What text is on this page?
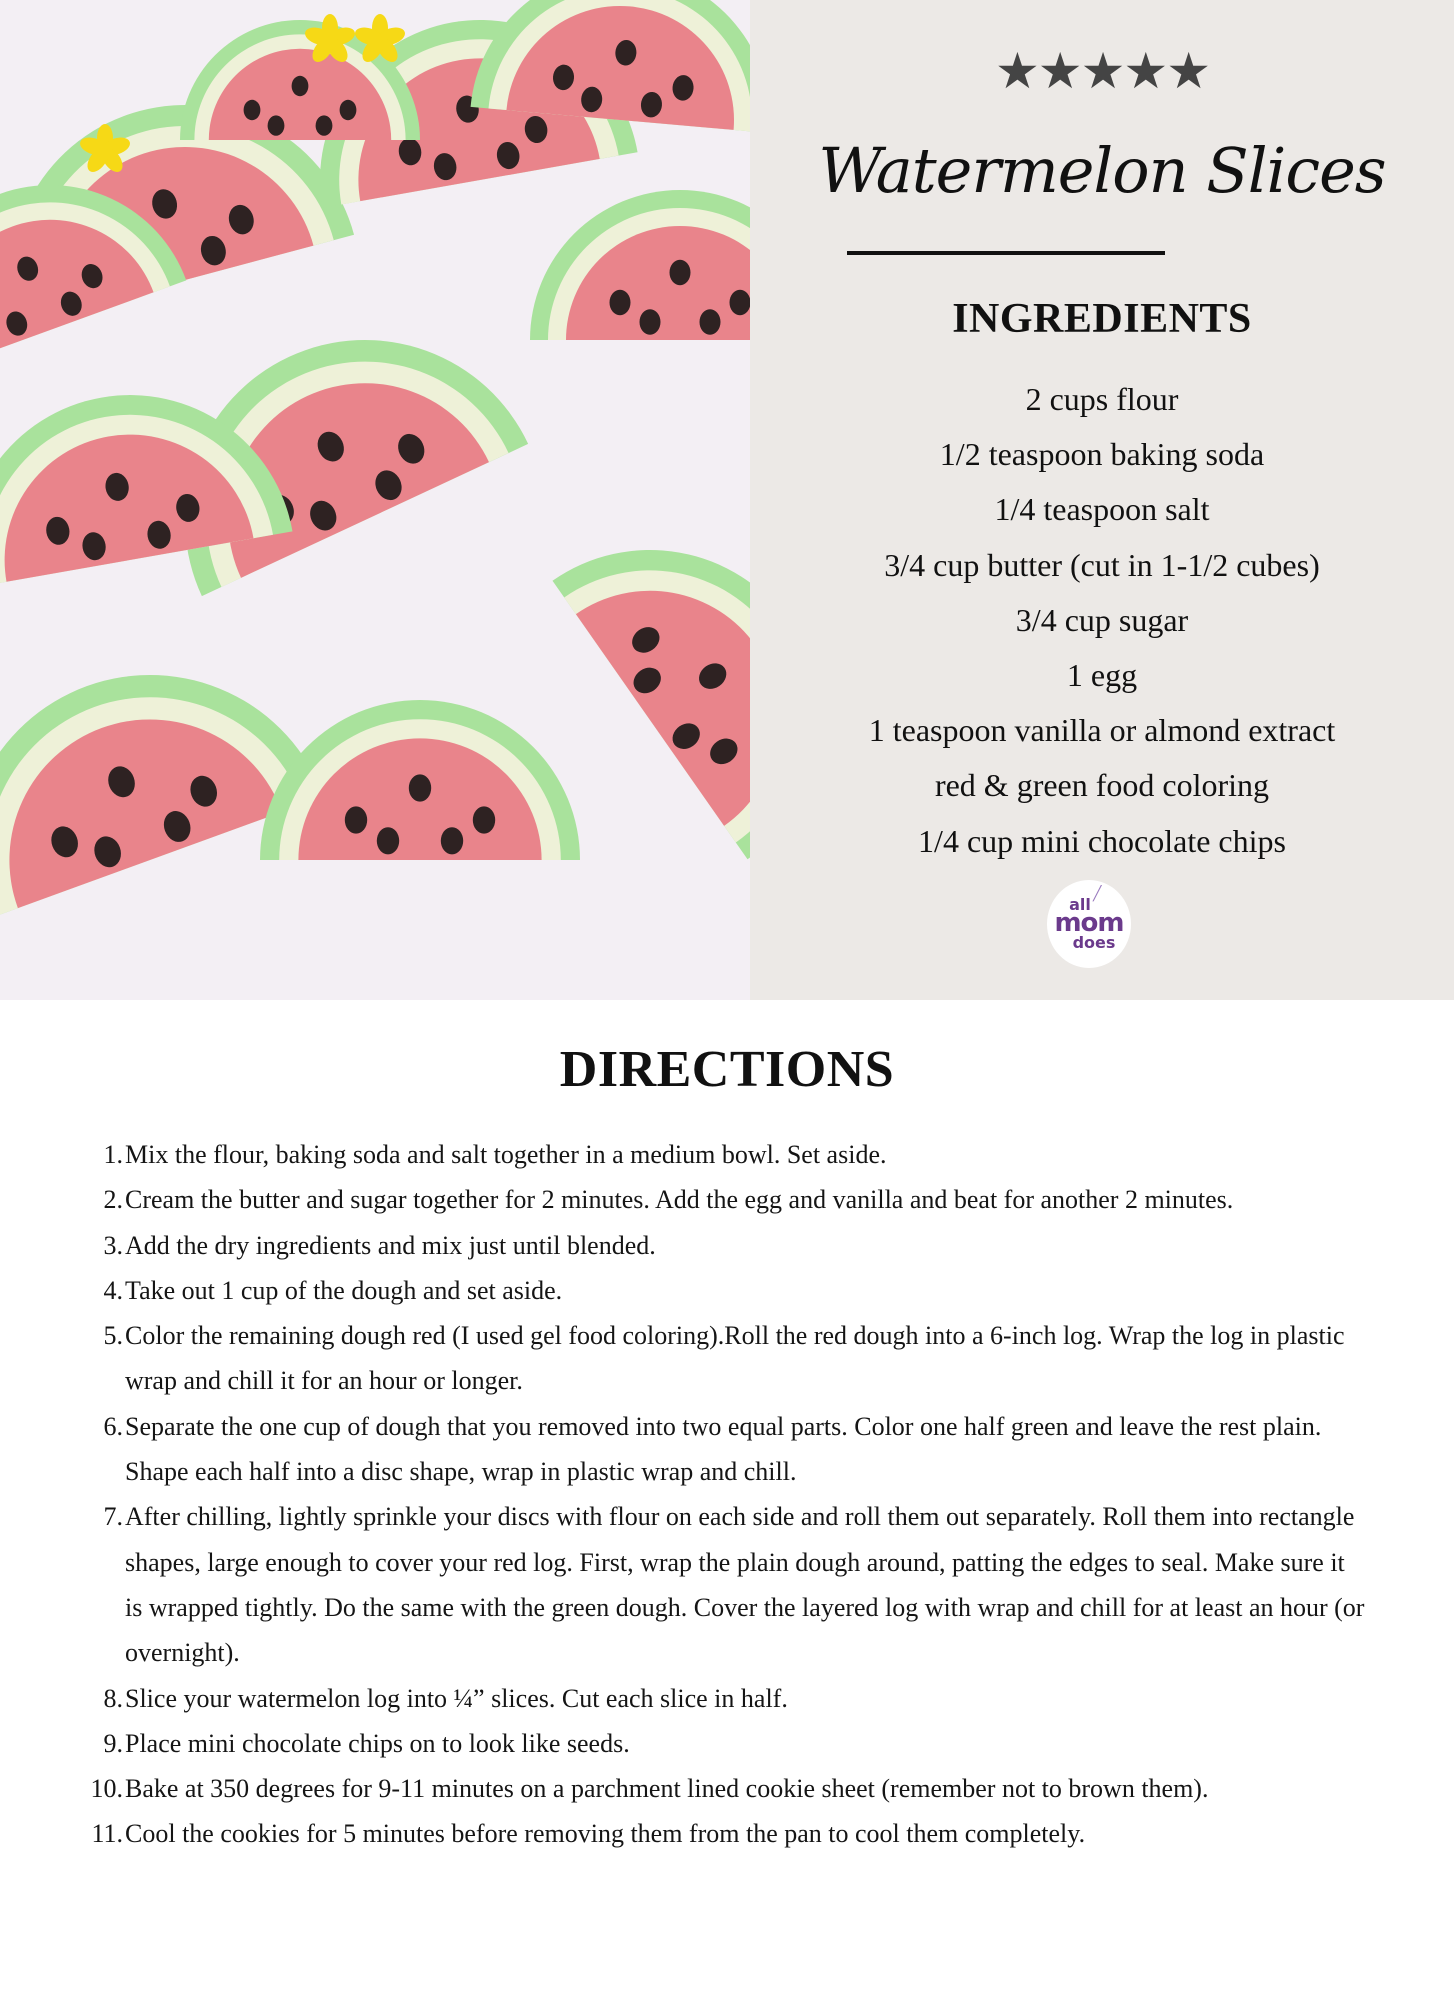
★★★★★
Watermelon Slices
INGREDIENTS
2 cups flour
1/2 teaspoon baking soda
1/4 teaspoon salt
3/4 cup butter (cut in 1-1/2 cubes)
3/4 cup sugar
1 egg
1 teaspoon vanilla or almond extract
red & green food coloring
1/4 cup mini chocolate chips
╱
all
mom
does
DIRECTIONS
1. Mix the flour, baking soda and salt together in a medium bowl. Set aside.
2. Cream the butter and sugar together for 2 minutes. Add the egg and vanilla and beat for another 2 minutes.
3. Add the dry ingredients and mix just until blended.
4. Take out 1 cup of the dough and set aside.
5. Color the remaining dough red (I used gel food coloring).Roll the red dough into a 6-inch log. Wrap the log in plastic wrap and chill it for an hour or longer.
6. Separate the one cup of dough that you removed into two equal parts. Color one half green and leave the rest plain. Shape each half into a disc shape, wrap in plastic wrap and chill.
7. After chilling, lightly sprinkle your discs with flour on each side and roll them out separately. Roll them into rectangle shapes, large enough to cover your red log. First, wrap the plain dough around, patting the edges to seal. Make sure it is wrapped tightly. Do the same with the green dough. Cover the layered log with wrap and chill for at least an hour (or overnight).
8. Slice your watermelon log into ¼” slices. Cut each slice in half.
9. Place mini chocolate chips on to look like seeds.
10. Bake at 350 degrees for 9-11 minutes on a parchment lined cookie sheet (remember not to brown them).
11. Cool the cookies for 5 minutes before removing them from the pan to cool them completely.
